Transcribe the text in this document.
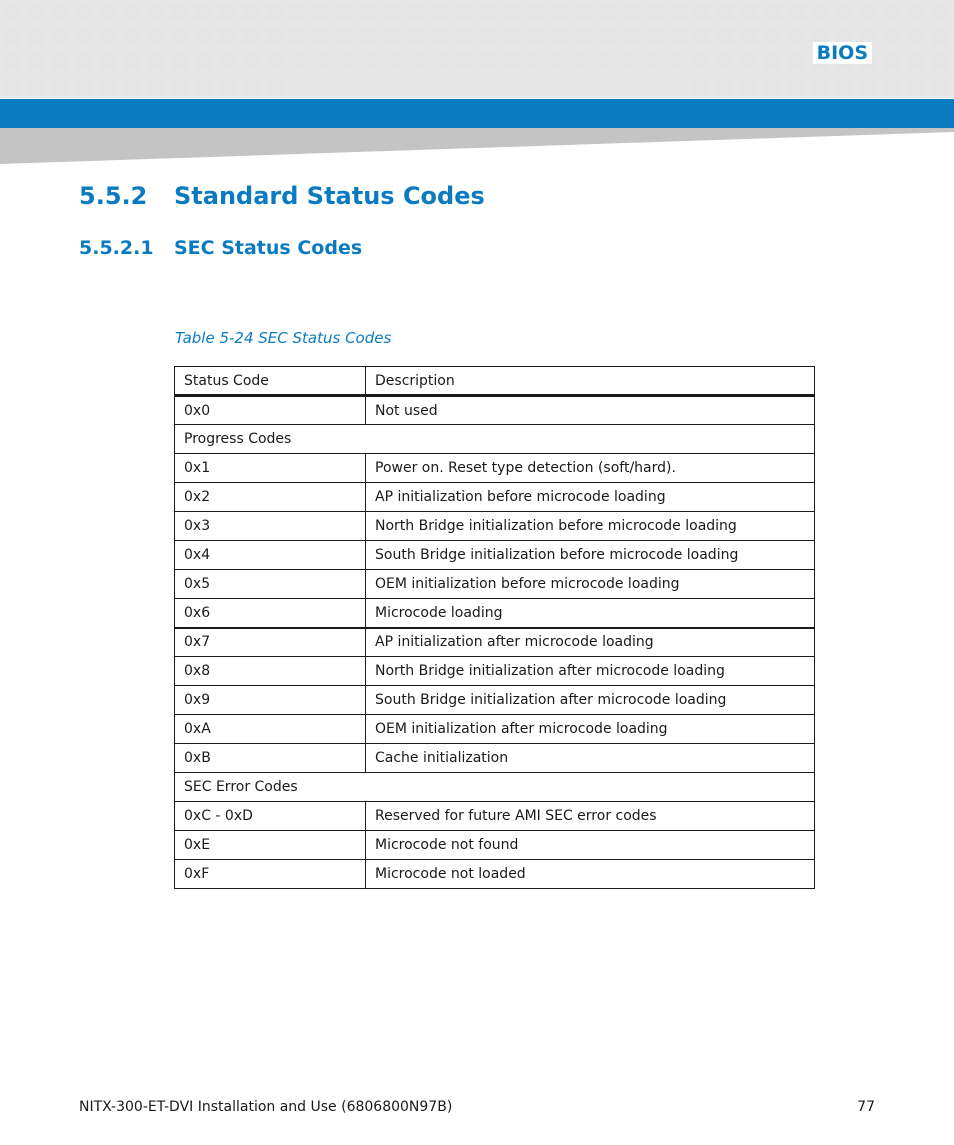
BIOS
5.5.2 Standard Status Codes
5.5.2.1 SEC Status Codes
Table 5-24 SEC Status Codes
Status Code	Description
0x0	Not used
Progress Codes	
0x1	Power on. Reset type detection (soft/hard).
0x2	AP initialization before microcode loading
0x3	North Bridge initialization before microcode loading
0x4	South Bridge initialization before microcode loading
0x5	OEM initialization before microcode loading
0x6	Microcode loading
0x7	AP initialization after microcode loading
0x8	North Bridge initialization after microcode loading
0x9	South Bridge initialization after microcode loading
0xA	OEM initialization after microcode loading
0xB	Cache initialization
SEC Error Codes	
0xC - 0xD	Reserved for future AMI SEC error codes
0xE	Microcode not found
0xF	Microcode not loaded
NITX-300-ET-DVI Installation and Use (6806800N97B)	77
